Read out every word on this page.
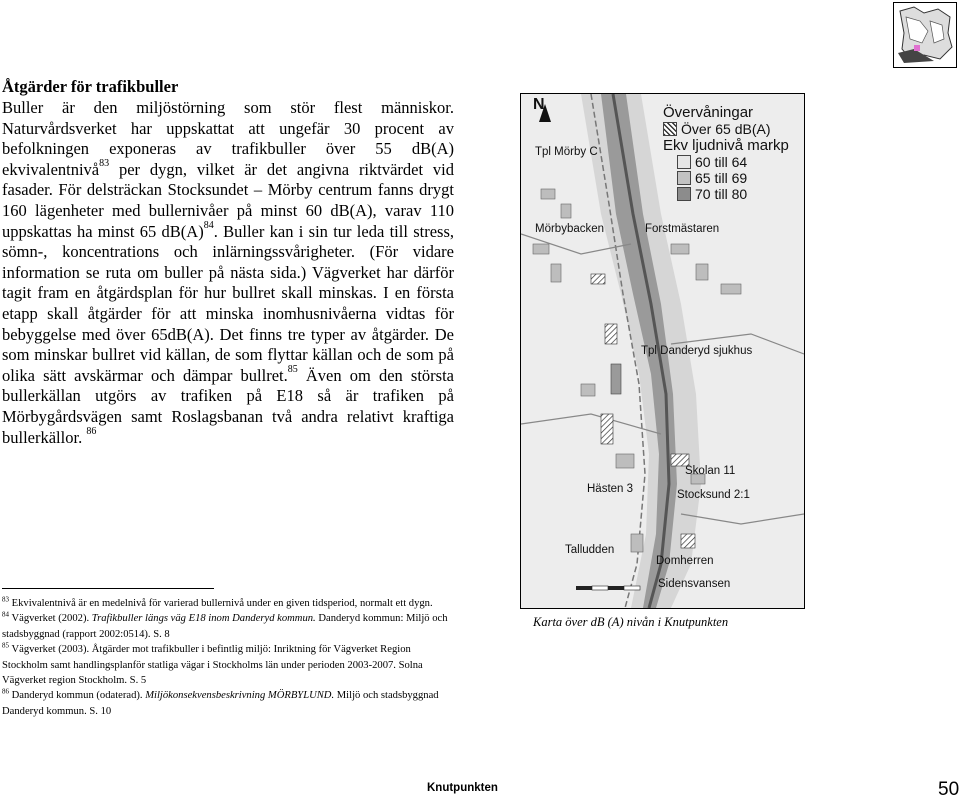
Åtgärder för trafikbuller
Buller är den miljöstörning som stör flest människor. Naturvårdsverket har uppskattat att ungefär 30 procent av befolkningen exponeras av trafikbuller över 55 dB(A) ekvivalentnivå$^{83}$ per dygn, vilket är det angivna riktvärdet vid fasader. För delsträckan Stocksundet – Mörby centrum fanns drygt 160 lägenheter med bullernivåer på minst 60 dB(A), varav 110 uppskattas ha minst 65 $dB(A)^{84}$. Buller kan i sin tur leda till stress, sömn-, koncentrations och inlärningssvårigheter. (För vidare information se ruta om buller på nästa sida.) Vägverket har därför tagit fram en åtgärdsplan för hur bullret skall minskas. I en första etapp skall åtgärder för att minska inomhusnivåerna vidtas för bebyggelse med över 65dB(A). Det finns tre typer av åtgärder. De som minskar bullret vid källan, de som flyttar källan och de som på olika sätt avskärmar och dämpar bullret.$^{85}$ Även om den största bullerkällan utgörs av trafiken på E18 så är trafiken på Mörbygårdsvägen samt Roslagsbanan två andra relativt kraftiga bullerkällor. $^{86}$

$^{83}$ Ekvivalentnivå är en medelnivå för varierad bullernivå under en given tidsperiod, normalt ett dygn.

$^{84}$ Vägverket (2002). Trafikbuller längs väg E18 inom Danderyd kommun. Danderyd kommun: Miljö och stadsbyggnad (rapport 2002:0514). S. 8

$^{85}$ Vägverket (2003). Åtgärder mot trafikbuller i befintlig miljö: Inriktning för Vägverket Region Stockholm samt handlingsplanför statliga vägar i Stockholms län under perioden 2003-2007. Solna Vägverket region Stockholm. S. 5

$^{86}$ Danderyd kommun (odaterad). Miljökonsekvensbeskrivning MÖRBYLUND. Miljö och stadsbyggnad Danderyd kommun. S. 10

N	Övervåningar
Över 65 dB(A)
Ekv ljudnivå markp
60 till 64
65 till 69
70 till 80
Tpl Mörby C
Mörbybacken	Forstmästaren
Tpl Danderyd sjukhus
Skolan 11
Hästen 3	Stocksund 2:1
Talludden
Domherren
Sidensvansen
Karta över dB (A) nivån i Knutpunkten
Knutpunkten	50
